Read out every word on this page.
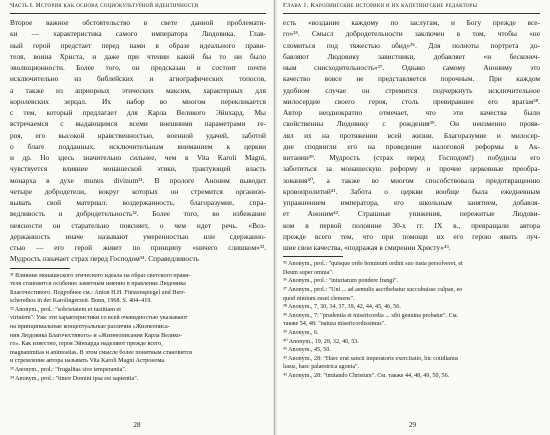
Часть I. История как основа социокультурной идентичности
Второе важное обстоятельство в свете данной проблемати-
ки — характеристика самого императора Людовика. Глав-
ный герой предстает перед нами в образе идеального прави-
теля, воина Христа, и даже при чтении какой бы то ни было
эволюционности. Более того, он предсказан и состоит почти
исключительно из библейских и агиографических топосов,
а также из априорных этических максим, характерных для
королевских зерцал. Их набор во многом перекликается
с тем, который предлагает для Карла Великого Эйнхард. Мы
встречаемся с выдающимся всеми внешними параметрами ге-
роя, его высокой нравственностью, военной удачей, заботой
о благе подданных, исключительным вниманием к церкви
и др. Но здесь значительно сильнее, чем в Vita Karoli Magni,
чувствуется влияние монашеской этики, трактующей власть
монарха в духе munus divinum³¹. В прологе Аноним выводит
четыре добродетели, вокруг которых он стремится организо-
вывать свой материал: воздержанность, благоразумие, спра-
ведливость и добродетельность³². Более того, во избежание
неясности он старательно поясняет, о чем идет речь. «Воз-
держанность иначе называют умеренностью или сдержанно-
стью — его герой живет по принципу «ничего слишком»³³.
Мудрость означает страх перед Господом³⁴. Справедливость
³¹ Влияние монашеского этического идеала на образ светского прави-
теля становится особенно заметным именно в правление Людовика
Благочестивого. Подробнее см.: Anton H.H. Fürstenspiegel und Herr-
scherethos in der Karolingerzeit. Bonn, 1968. S. 404–419.
³² Anonym., prol.: "sobrietatem et iustitiam et
virtutem". Уже эти характеристики со всей очевидностью указывают
на принципиальные концептуальные различия «Жизнеописа-
ния Людовика Благочестивого» и «Жизнеописания Карла Велико-
го». Как известно, героя Эйнхарда наделяют прежде всего,
magnanimitas и animositas. В этом смысле более понятным становится
и стремление автора называть Vita Karoli Magni Астронома.
³³ Anonym., prol.: "frugalitas sive temperantia".
³⁴ Anonym., prol.: "timor Domini ipsa est sapientia".
28
Глава 1. Каролингские историки и их капетингские редакторы
есть «воздание каждому по заслугам, и Богу прежде все-
го»³⁵. Смысл добродетельности заключен в том, чтобы «не
сломиться под тяжестью обид»³⁶. Для полноты портрета до-
бавляют Людовику завистники, добавляет «и бесконеч-
ным снисходительность»³⁷. Однако самому Анониму это
качество вовсе не представляется порочным. При каждом
удобном случае он стремится подчеркнуть исключительное
милосердие своего героя, столь превиравшее его врагам³⁸.
Автор неоднократно отмечает, что эти качества были
свойственны Людовику с рождения³⁹. Он неизменно прояв-
лял их на протяжении всей жизни. Благоразумие и милосер-
дие сподвигли его на проведение налоговой реформы в Ак-
витании³⁹. Мудрость (страх перед Господом!) побудила его
заботиться за монашескую реформу и прочие церковные преобра-
зования⁴⁰, а также во многом способствовала предотвращению
кровопролитий⁴¹. Забота о церкви вообще была ежедневным
упражнением императора, его школьным занятием, добавля-
ет Аноним⁴². Страшные унижения, пережитые Людови-
ком в первой половине 30-х гг. IX в., превращали автора
прежде всего тем, что при помощи их его герою явить луч-
шие свои качества, «подражая в смирении Христу»⁴³.
³⁵ Anonym., prol.: "quisque ordo hominum ordini suo iusta persolveret, et
Deum super omnia".
³⁶ Anonym., prol.: "iniuriarum pondere frangi".
³⁷ Anonym., prol.: "Uni ... ad aemulis ascribebatur succubuisse culpae, eo
quod nimium esset clemens".
³⁸ Anonym., 7, 30, 34, 37, 39, 42, 44, 45, 46, 56.
³⁹ Anonym., 7: "prudentia et misericordia ... sibi genuina probatur". См.
также 54, 48: "natura misericordissimus".
³⁹ Anonym., 6.
⁴⁰ Anonym., 19, 28, 32, 40, 53.
⁴¹ Anonym., 45, 50.
⁴² Anonym., 28: "Haec erat sancti imperatoris exercitatio, hic cotidianus
lusus, haec palaestrica agonia".
⁴³ Anonym., 28: "imitando Christum". См. также 44, 48, 49, 50, 56.
29
